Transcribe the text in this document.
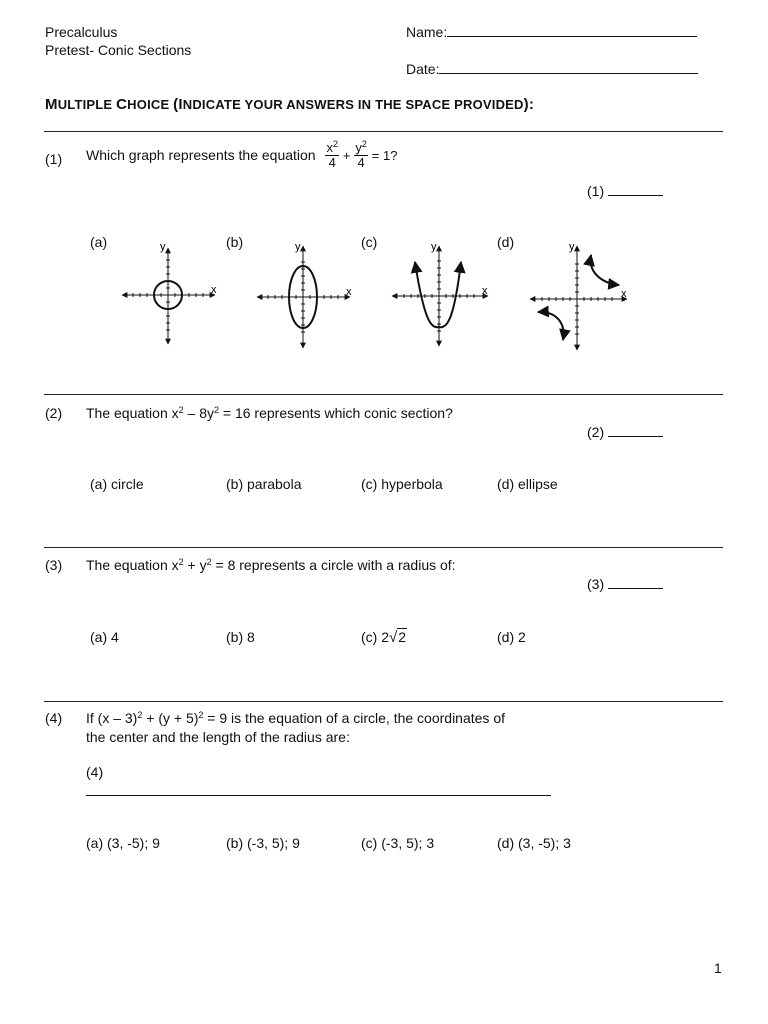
Precalculus
Pretest- Conic Sections
Name:
Date:
MULTIPLE CHOICE (INDICATE YOUR ANSWERS IN THE SPACE PROVIDED):
(1) Which graph represents the equation $\frac{x^2}{4} + \frac{y^2}{4} = 1$?
(1)
(a)	(b)	(c)	(d)
x
y
x
y
x
y
x
y
(2) The equation $x^2 - 8y^2 = 16$ represents which conic section?
(2)
(a) circle	(b) parabola	(c) hyperbola	(d) ellipse
(3) The equation $x^2 + y^2 = 8$ represents a circle with a radius of:
(3)
(a) 4	(b) 8	(c) 2√2	(d) 2
(4) If $(x - 3)^2 + (y + 5)^2 = 9$ is the equation of a circle, the coordinates of
the center and the length of the radius are:
(4)
(a) (3, -5); 9	(b) (-3, 5); 9	(c) (-3, 5); 3	(d) (3, -5); 3
1
